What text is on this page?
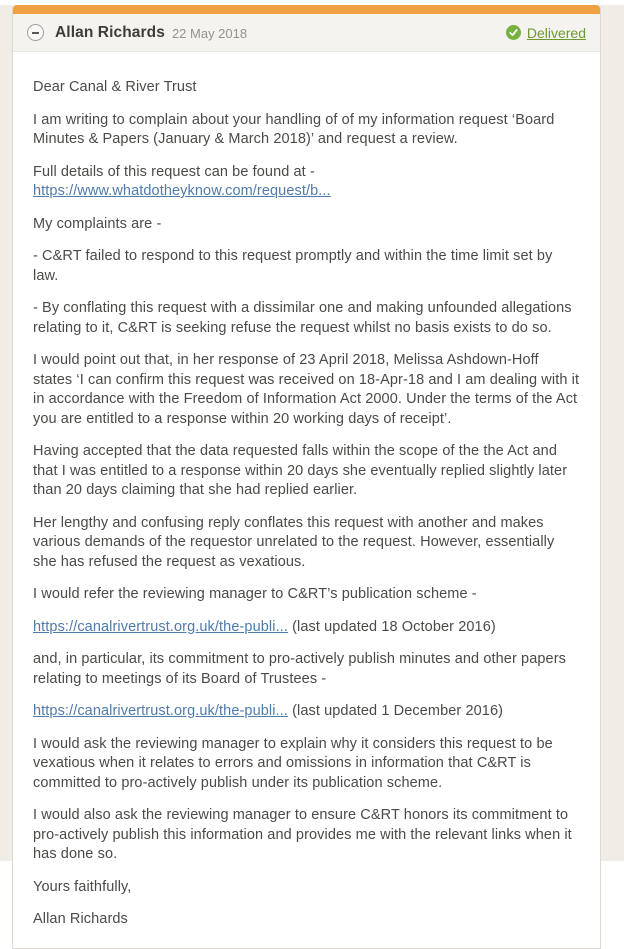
Allan Richards 22 May 2018	Delivered

Dear Canal & River Trust

I am writing to complain about your handling of of my information request ‘Board Minutes & Papers (January & March 2018)’ and request a review.

Full details of this request can be found at -
https://www.whatdotheyknow.com/request/b...

My complaints are -

- C&RT failed to respond to this request promptly and within the time limit set by law.

- By conflating this request with a dissimilar one and making unfounded allegations relating to it, C&RT is seeking refuse the request whilst no basis exists to do so.

I would point out that, in her response of 23 April 2018, Melissa Ashdown-Hoff states ‘I can confirm this request was received on 18-Apr-18 and I am dealing with it in accordance with the Freedom of Information Act 2000. Under the terms of the Act you are entitled to a response within 20 working days of receipt’.

Having accepted that the data requested falls within the scope of the the Act and that I was entitled to a response within 20 days she eventually replied slightly later than 20 days claiming that she had replied earlier.

Her lengthy and confusing reply conflates this request with another and makes various demands of the requestor unrelated to the request. However, essentially she has refused the request as vexatious.

I would refer the reviewing manager to C&RT’s publication scheme -

https://canalrivertrust.org.uk/the-publi... (last updated 18 October 2016)

and, in particular, its commitment to pro-actively publish minutes and other papers relating to meetings of its Board of Trustees -

https://canalrivertrust.org.uk/the-publi... (last updated 1 December 2016)

I would ask the reviewing manager to explain why it considers this request to be vexatious when it relates to errors and omissions in information that C&RT is committed to pro-actively publish under its publication scheme.

I would also ask the reviewing manager to ensure C&RT honors its commitment to pro-actively publish this information and provides me with the relevant links when it has done so.

Yours faithfully,

Allan Richards
